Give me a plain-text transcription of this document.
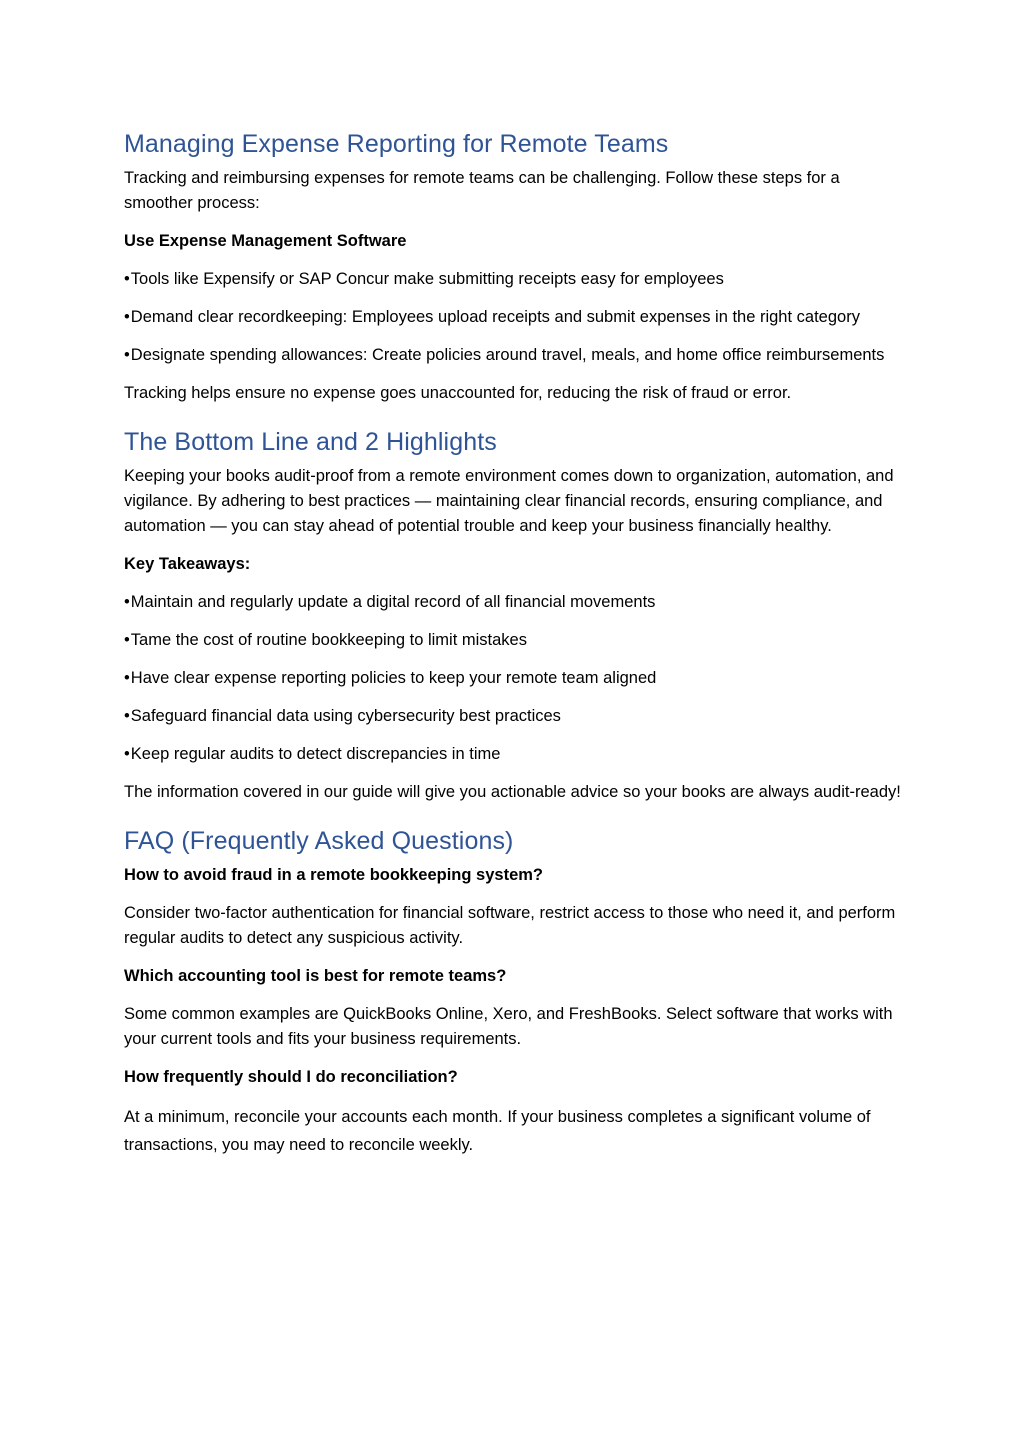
Managing Expense Reporting for Remote Teams

Tracking and reimbursing expenses for remote teams can be challenging. Follow these steps for a smoother process:

Use Expense Management Software

• Tools like Expensify or SAP Concur make submitting receipts easy for employees

• Demand clear recordkeeping: Employees upload receipts and submit expenses in the right category

• Designate spending allowances: Create policies around travel, meals, and home office reimbursements

Tracking helps ensure no expense goes unaccounted for, reducing the risk of fraud or error.

The Bottom Line and 2 Highlights

Keeping your books audit-proof from a remote environment comes down to organization, automation, and vigilance. By adhering to best practices — maintaining clear financial records, ensuring compliance, and automation — you can stay ahead of potential trouble and keep your business financially healthy.

Key Takeaways:

• Maintain and regularly update a digital record of all financial movements

• Tame the cost of routine bookkeeping to limit mistakes

• Have clear expense reporting policies to keep your remote team aligned

• Safeguard financial data using cybersecurity best practices

• Keep regular audits to detect discrepancies in time

The information covered in our guide will give you actionable advice so your books are always audit-ready!

FAQ (Frequently Asked Questions)

How to avoid fraud in a remote bookkeeping system?

Consider two-factor authentication for financial software, restrict access to those who need it, and perform regular audits to detect any suspicious activity.

Which accounting tool is best for remote teams?

Some common examples are QuickBooks Online, Xero, and FreshBooks. Select software that works with your current tools and fits your business requirements.

How frequently should I do reconciliation?

At a minimum, reconcile your accounts each month. If your business completes a significant volume of transactions, you may need to reconcile weekly.
